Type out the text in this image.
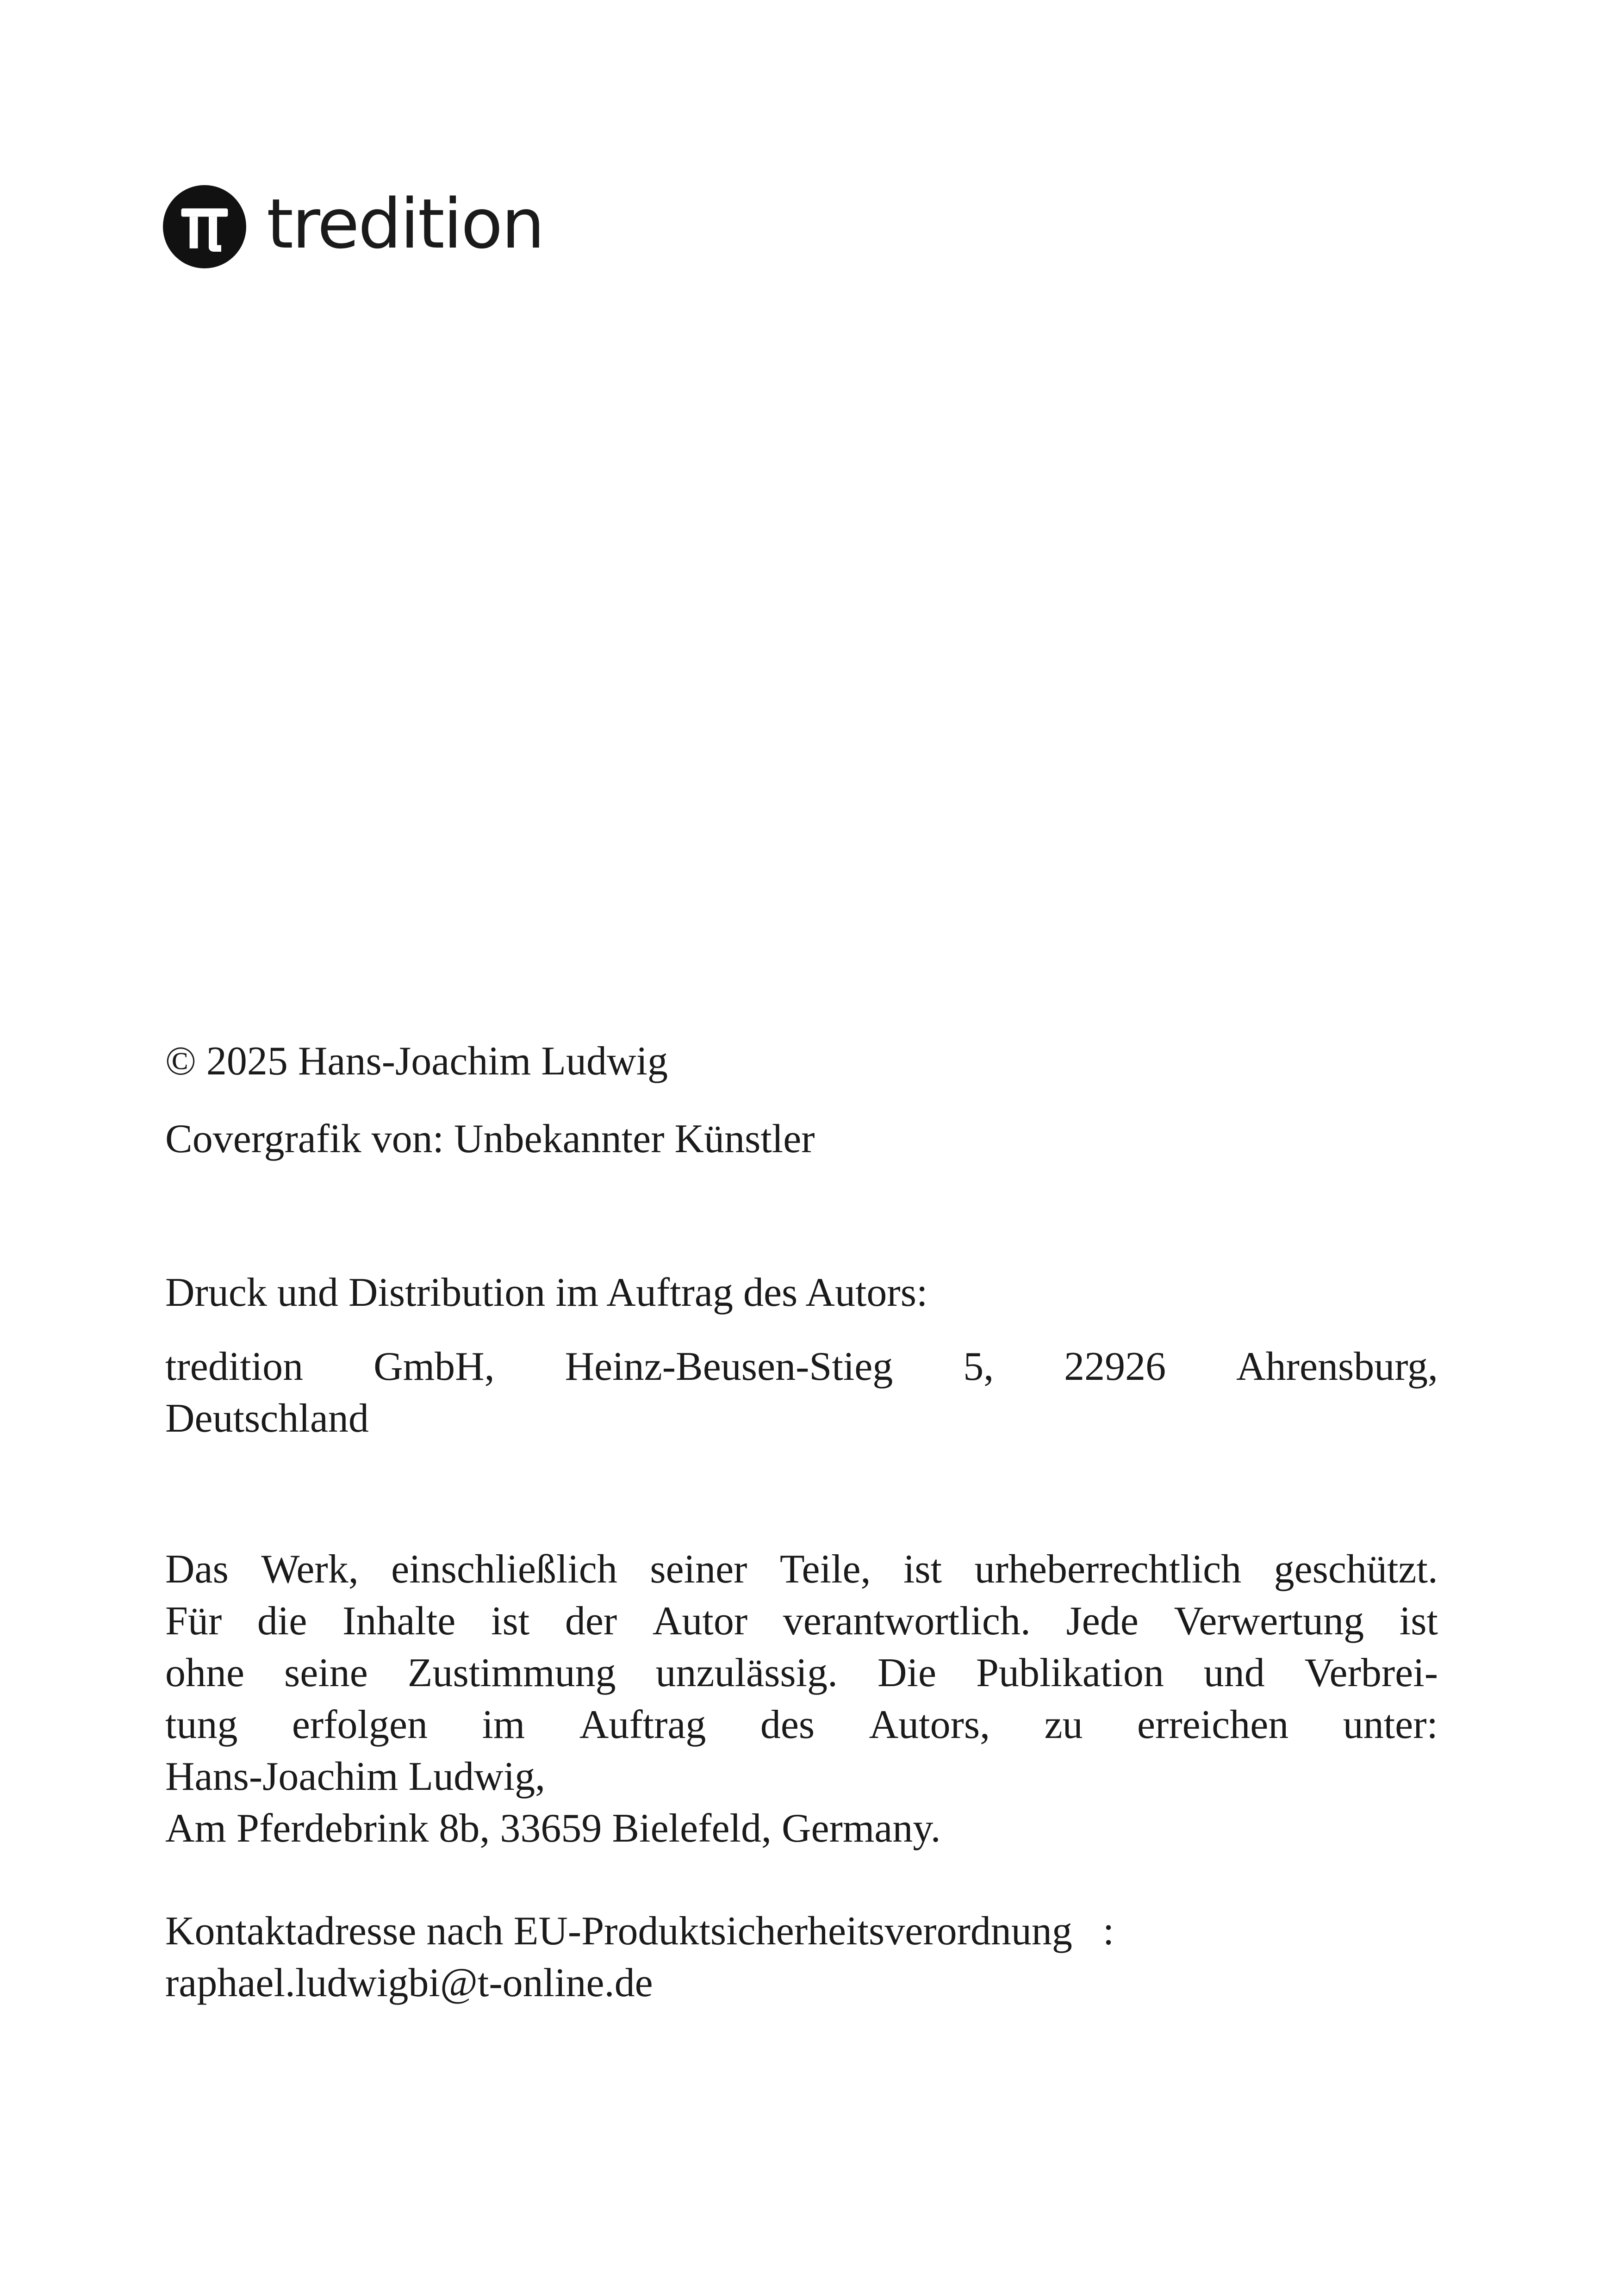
tredition
© 2025 Hans-Joachim Ludwig
Covergrafik von: Unbekannter Künstler
Druck und Distribution im Auftrag des Autors:
tredition GmbH, Heinz-Beusen-Stieg 5, 22926 Ahrensburg,
Deutschland
Das Werk, einschließlich seiner Teile, ist urheberrechtlich geschützt.
Für die Inhalte ist der Autor verantwortlich. Jede Verwertung ist
ohne seine Zustimmung unzulässig. Die Publikation und Verbrei-
tung erfolgen im Auftrag des Autors, zu erreichen unter:
Hans-Joachim Ludwig,
Am Pferdebrink 8b, 33659 Bielefeld, Germany.
Kontaktadresse nach EU-Produktsicherheitsverordnung   :
raphael.ludwigbi@t-online.de
